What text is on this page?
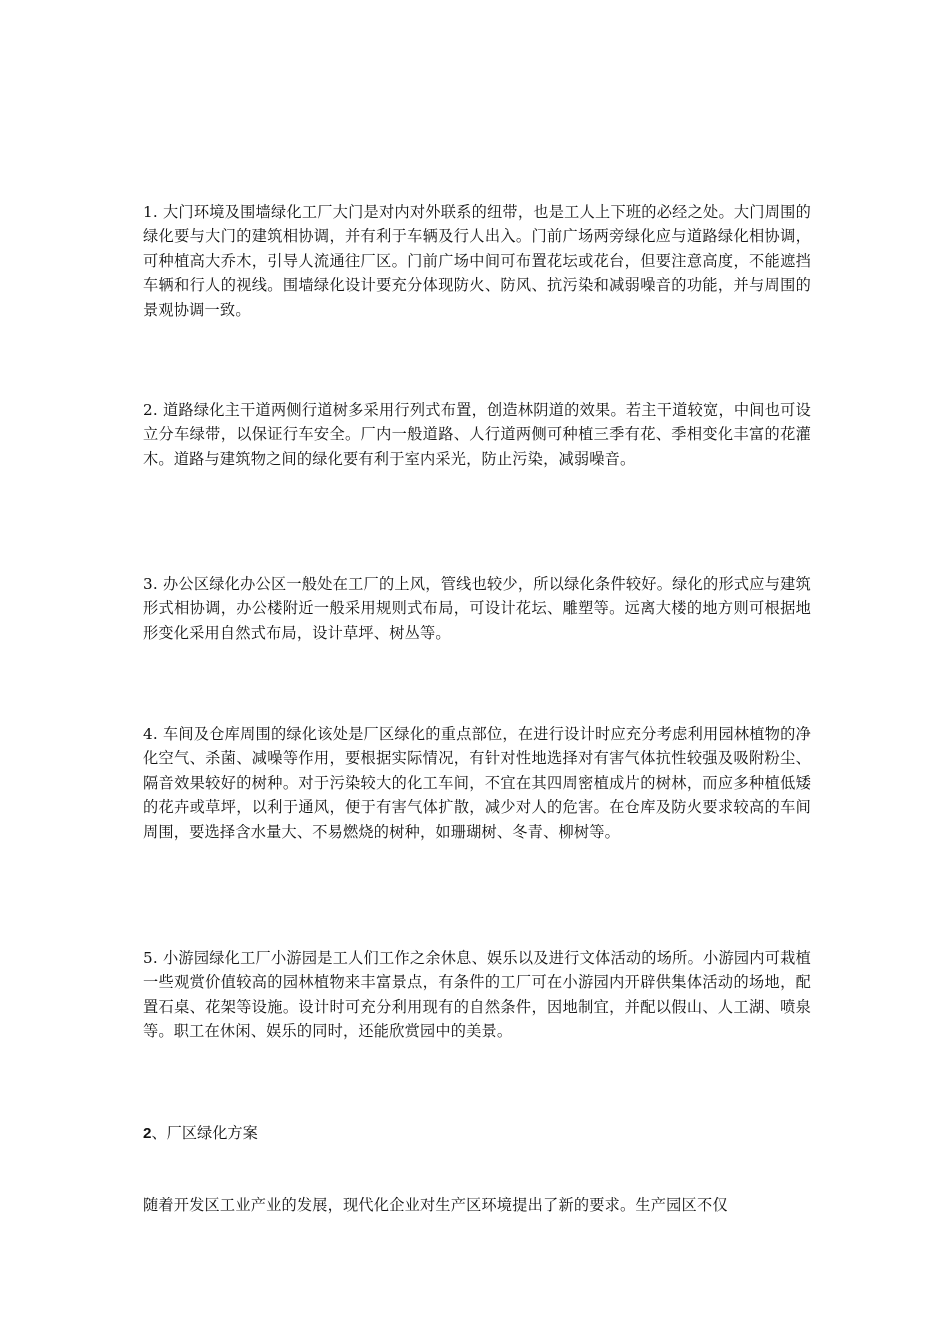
1. 大门环境及围墙绿化工厂大门是对内对外联系的纽带，也是工人上下班的必经之处。大门周围的绿化要与大门的建筑相协调，并有利于车辆及行人出入。门前广场两旁绿化应与道路绿化相协调，可种植高大乔木，引导人流通往厂区。门前广场中间可布置花坛或花台，但要注意高度，不能遮挡车辆和行人的视线。围墙绿化设计要充分体现防火、防风、抗污染和减弱噪音的功能，并与周围的景观协调一致。

2. 道路绿化主干道两侧行道树多采用行列式布置，创造林阴道的效果。若主干道较宽，中间也可设立分车绿带，以保证行车安全。厂内一般道路、人行道两侧可种植三季有花、季相变化丰富的花灌木。道路与建筑物之间的绿化要有利于室内采光，防止污染，减弱噪音。

3. 办公区绿化办公区一般处在工厂的上风，管线也较少，所以绿化条件较好。绿化的形式应与建筑形式相协调，办公楼附近一般采用规则式布局，可设计花坛、雕塑等。远离大楼的地方则可根据地形变化采用自然式布局，设计草坪、树丛等。

4. 车间及仓库周围的绿化该处是厂区绿化的重点部位，在进行设计时应充分考虑利用园林植物的净化空气、杀菌、减噪等作用，要根据实际情况，有针对性地选择对有害气体抗性较强及吸附粉尘、隔音效果较好的树种。对于污染较大的化工车间，不宜在其四周密植成片的树林，而应多种植低矮的花卉或草坪，以利于通风，便于有害气体扩散，减少对人的危害。在仓库及防火要求较高的车间周围，要选择含水量大、不易燃烧的树种，如珊瑚树、冬青、柳树等。

5. 小游园绿化工厂小游园是工人们工作之余休息、娱乐以及进行文体活动的场所。小游园内可栽植一些观赏价值较高的园林植物来丰富景点，有条件的工厂可在小游园内开辟供集体活动的场地，配置石桌、花架等设施。设计时可充分利用现有的自然条件，因地制宜，并配以假山、人工湖、喷泉等。职工在休闲、娱乐的同时，还能欣赏园中的美景。

2、厂区绿化方案

随着开发区工业产业的发展，现代化企业对生产区环境提出了新的要求。生产园区不仅
